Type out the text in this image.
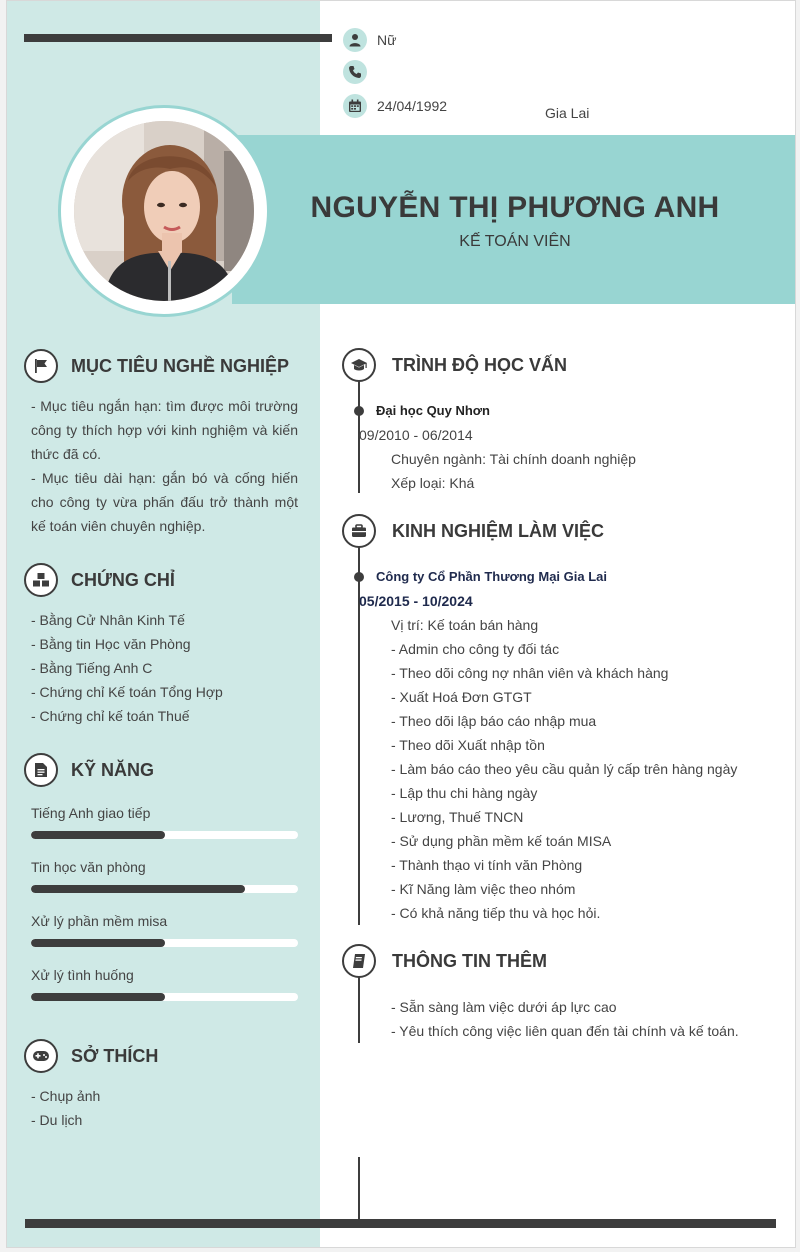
Nữ
24/04/1992	Gia Lai
NGUYỄN THỊ PHƯƠNG ANH
KẾ TOÁN VIÊN
MỤC TIÊU NGHỀ NGHIỆP
- Mục tiêu ngắn hạn: tìm được môi trường công ty thích hợp với kinh nghiệm và kiến thức đã có.
- Mục tiêu dài hạn: gắn bó và cống hiến cho công ty vừa phấn đấu trở thành một kế toán viên chuyên nghiệp.
CHỨNG CHỈ
- Bằng Cử Nhân Kinh Tế
- Bằng tin Học văn Phòng
- Bằng Tiếng Anh C
- Chứng chỉ Kế toán Tổng Hợp
- Chứng chỉ kế toán Thuế
KỸ NĂNG
Tiếng Anh giao tiếp
Tin học văn phòng
Xử lý phần mềm misa
Xử lý tình huống
SỞ THÍCH
- Chụp ảnh
- Du lịch
TRÌNH ĐỘ HỌC VẤN
Đại học Quy Nhơn
09/2010 - 06/2014
Chuyên ngành: Tài chính doanh nghiệp
Xếp loại: Khá
KINH NGHIỆM LÀM VIỆC
Công ty Cổ Phần Thương Mại Gia Lai
05/2015 - 10/2024
Vị trí: Kế toán bán hàng
- Admin cho công ty đối tác
- Theo dõi công nợ nhân viên và khách hàng
- Xuất Hoá Đơn GTGT
- Theo dõi lập báo cáo nhập mua
- Theo dõi Xuất nhập tồn
- Làm báo cáo theo yêu cầu quản lý cấp trên hàng ngày
- Lập thu chi hàng ngày
- Lương, Thuế TNCN
- Sử dụng phần mềm kế toán MISA
- Thành thạo vi tính văn Phòng
- Kĩ Năng làm việc theo nhóm
- Có khả năng tiếp thu và học hỏi.
THÔNG TIN THÊM
- Sẵn sàng làm việc dưới áp lực cao
- Yêu thích công việc liên quan đến tài chính và kế toán.
